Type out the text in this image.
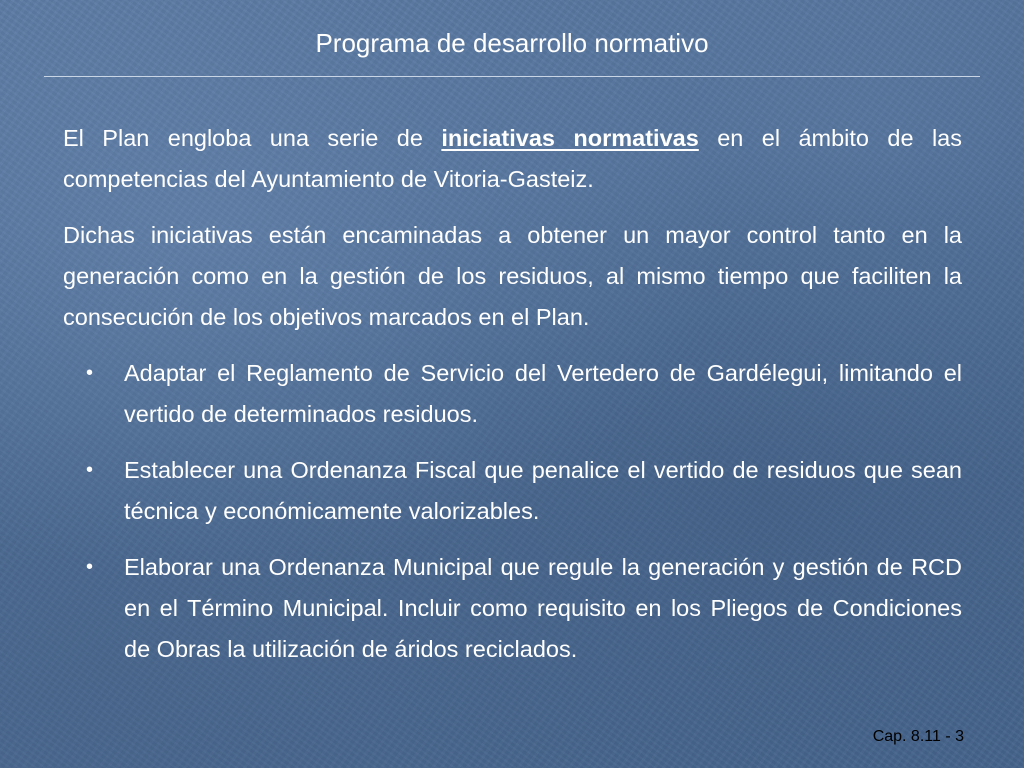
Programa de desarrollo normativo

El Plan engloba una serie de iniciativas normativas en el ámbito de las competencias del Ayuntamiento de Vitoria-Gasteiz.

Dichas iniciativas están encaminadas a obtener un mayor control tanto en la generación como en la gestión de los residuos, al mismo tiempo que faciliten la consecución de los objetivos marcados en el Plan.

• Adaptar el Reglamento de Servicio del Vertedero de Gardélegui, limitando el vertido de determinados residuos.
• Establecer una Ordenanza Fiscal que penalice el vertido de residuos que sean técnica y económicamente valorizables.
• Elaborar una Ordenanza Municipal que regule la generación y gestión de RCD en el Término Municipal. Incluir como requisito en los Pliegos de Condiciones de Obras la utilización de áridos reciclados.
Cap. 8.11 - 3
